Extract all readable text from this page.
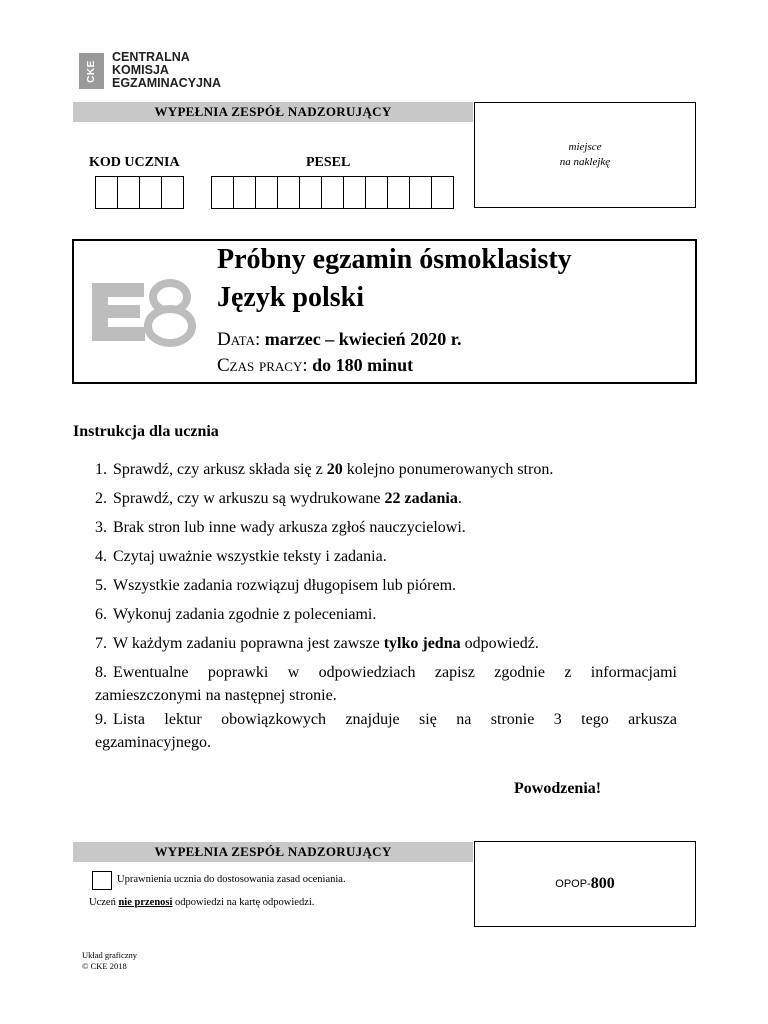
CKE
CENTRALNA
KOMISJA
EGZAMINACYJNA
WYPEŁNIA ZESPÓŁ NADZORUJĄCY
KOD UCZNIA	PESEL
miejsce
na naklejkę
E8
Próbny egzamin ósmoklasisty
Język polski
Data: marzec – kwiecień 2020 r.
Czas pracy: do 180 minut
Instrukcja dla ucznia
1. Sprawdź, czy arkusz składa się z 20 kolejno ponumerowanych stron.
2. Sprawdź, czy w arkuszu są wydrukowane 22 zadania.
3. Brak stron lub inne wady arkusza zgłoś nauczycielowi.
4. Czytaj uważnie wszystkie teksty i zadania.
5. Wszystkie zadania rozwiązuj długopisem lub piórem.
6. Wykonuj zadania zgodnie z poleceniami.
7. W każdym zadaniu poprawna jest zawsze tylko jedna odpowiedź.
8. Ewentualne poprawki w odpowiedziach zapisz zgodnie z informacjami
zamieszczonymi na następnej stronie.
9. Lista lektur obowiązkowych znajduje się na stronie 3 tego arkusza
egzaminacyjnego.
Powodzenia!
WYPEŁNIA ZESPÓŁ NADZORUJĄCY
Uprawnienia ucznia do dostosowania zasad oceniania.
Uczeń nie przenosi odpowiedzi na kartę odpowiedzi.
OPOP- 800
Układ graficzny
© CKE 2018
